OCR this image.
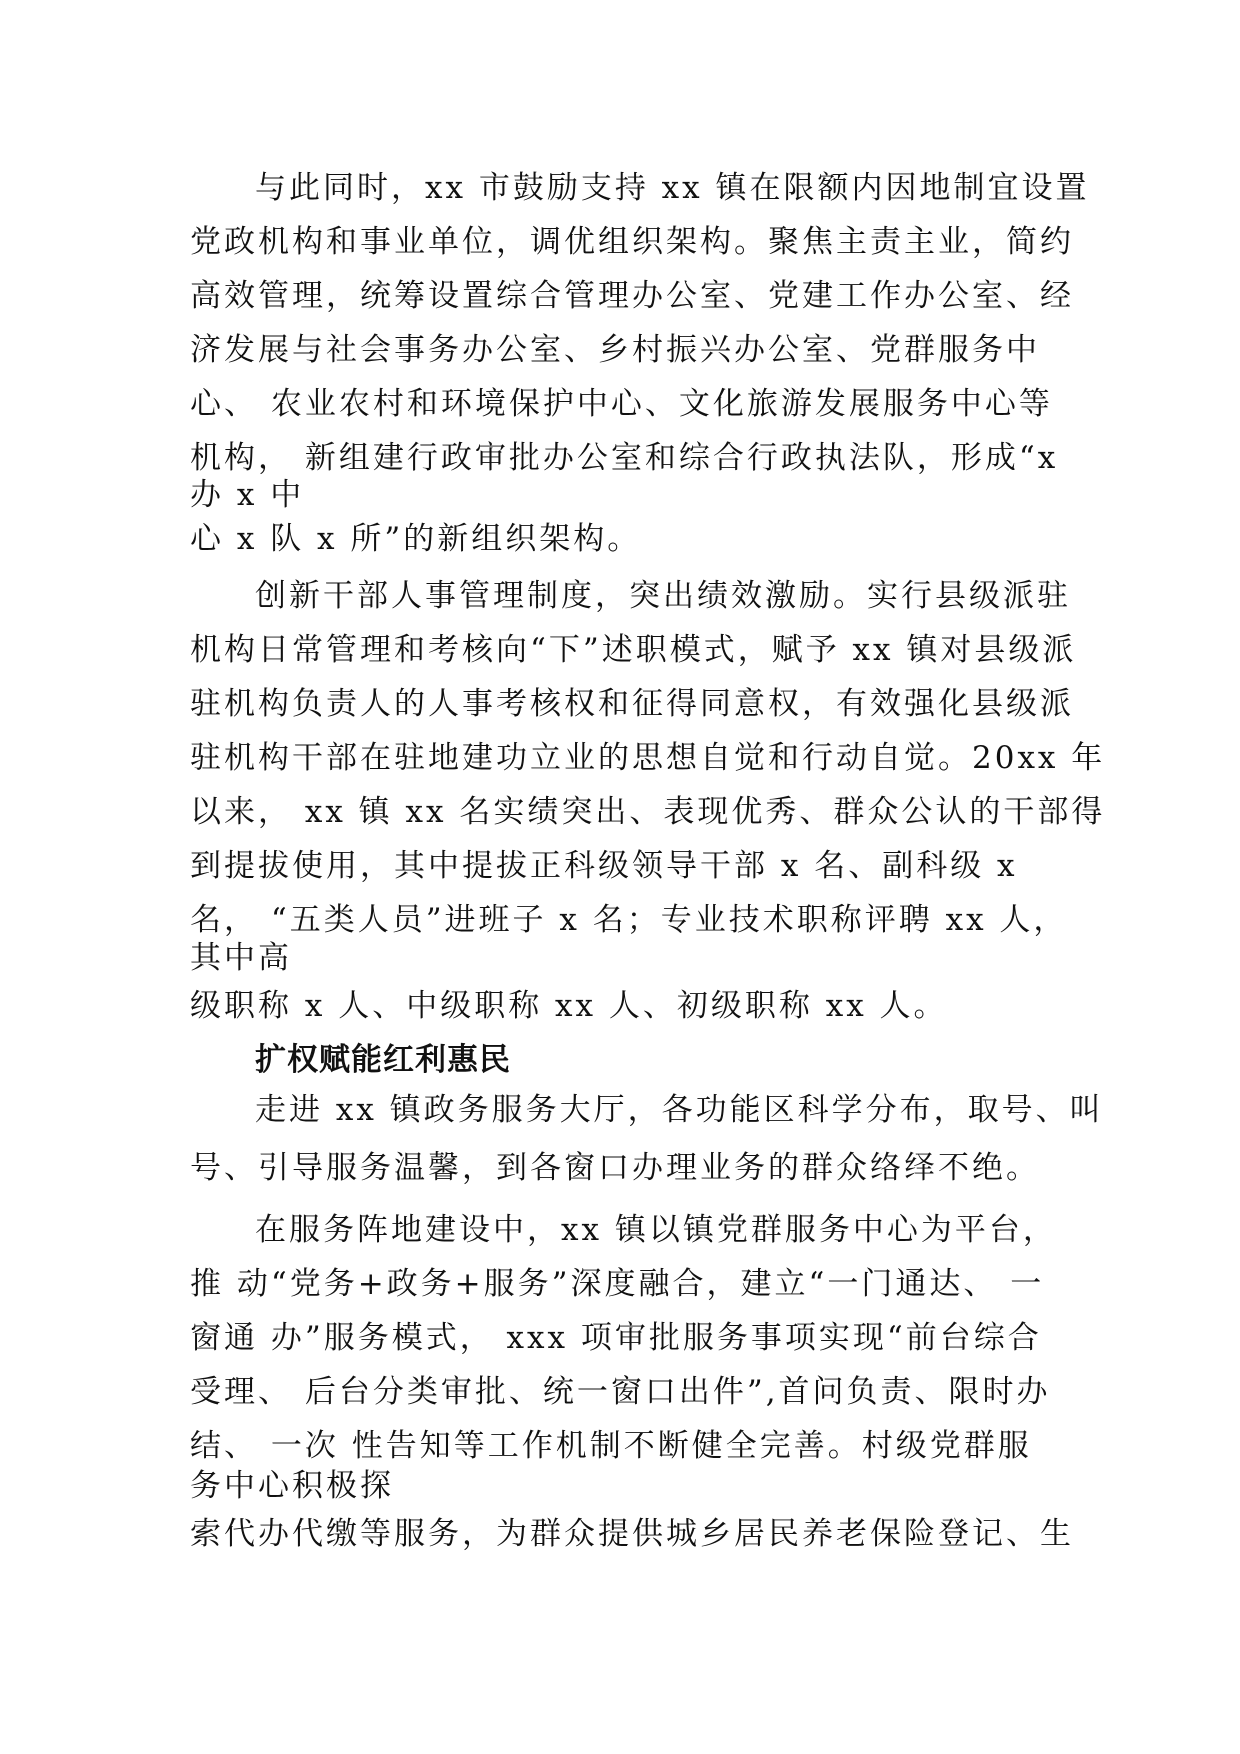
与此同时，xx 市鼓励支持 xx 镇在限额内因地制宜设置
党政机构和事业单位，调优组织架构。聚焦主责主业，简约
高效管理，统筹设置综合管理办公室、党建工作办公室、经
济发展与社会事务办公室、乡村振兴办公室、党群服务中
心、 农业农村和环境保护中心、文化旅游发展服务中心等
机构， 新组建行政审批办公室和综合行政执法队，形成“x
办 x 中
心 x 队 x 所”的新组织架构。
创新干部人事管理制度，突出绩效激励。实行县级派驻
机构日常管理和考核向“下”述职模式，赋予 xx 镇对县级派
驻机构负责人的人事考核权和征得同意权，有效强化县级派
驻机构干部在驻地建功立业的思想自觉和行动自觉。20xx 年
以来， xx 镇 xx 名实绩突出、表现优秀、群众公认的干部得
到提拔使用，其中提拔正科级领导干部 x 名、副科级 x
名， “五类人员”进班子 x 名；专业技术职称评聘 xx 人，
其中高
级职称 x 人、中级职称 xx 人、初级职称 xx 人。
扩权赋能红利惠民
走进 xx 镇政务服务大厅，各功能区科学分布，取号、叫
号、引导服务温馨，到各窗口办理业务的群众络绎不绝。
在服务阵地建设中，xx 镇以镇党群服务中心为平台，
推 动“党务+政务+服务”深度融合，建立“一门通达、 一
窗通 办”服务模式， xxx 项审批服务事项实现“前台综合
受理、 后台分类审批、统一窗口出件”,首问负责、限时办
结、 一次 性告知等工作机制不断健全完善。村级党群服
务中心积极探
索代办代缴等服务，为群众提供城乡居民养老保险登记、生
